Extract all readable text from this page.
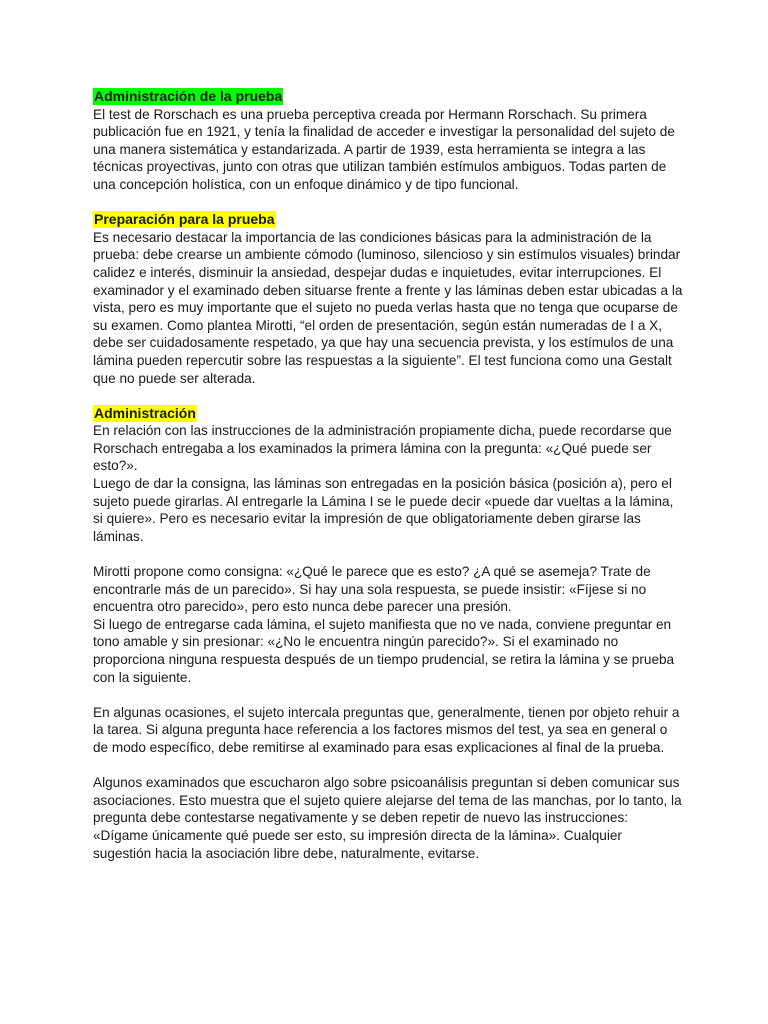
Administración de la prueba

El test de Rorschach es una prueba perceptiva creada por Hermann Rorschach. Su primera publicación fue en 1921, y tenía la finalidad de acceder e investigar la personalidad del sujeto de una manera sistemática y estandarizada. A partir de 1939, esta herramienta se integra a las técnicas proyectivas, junto con otras que utilizan también estímulos ambiguos. Todas parten de una concepción holística, con un enfoque dinámico y de tipo funcional.

Preparación para la prueba

Es necesario destacar la importancia de las condiciones básicas para la administración de la prueba: debe crearse un ambiente cómodo (luminoso, silencioso y sin estímulos visuales) brindar calidez e interés, disminuir la ansiedad, despejar dudas e inquietudes, evitar interrupciones. El examinador y el examinado deben situarse frente a frente y las láminas deben estar ubicadas a la vista, pero es muy importante que el sujeto no pueda verlas hasta que no tenga que ocuparse de su examen. Como plantea Mirotti, “el orden de presentación, según están numeradas de I a X, debe ser cuidadosamente respetado, ya que hay una secuencia prevista, y los estímulos de una lámina pueden repercutir sobre las respuestas a la siguiente”. El test funciona como una Gestalt que no puede ser alterada.

Administración

En relación con las instrucciones de la administración propiamente dicha, puede recordarse que Rorschach entregaba a los examinados la primera lámina con la pregunta: «¿Qué puede ser esto?».

Luego de dar la consigna, las láminas son entregadas en la posición básica (posición a), pero el sujeto puede girarlas. Al entregarle la Lámina I se le puede decir «puede dar vueltas a la lámina, si quiere». Pero es necesario evitar la impresión de que obligatoriamente deben girarse las láminas.

Mirotti propone como consigna: «¿Qué le parece que es esto? ¿A qué se asemeja? Trate de encontrarle más de un parecido». Si hay una sola respuesta, se puede insistir: «Fíjese si no encuentra otro parecido», pero esto nunca debe parecer una presión.

Si luego de entregarse cada lámina, el sujeto manifiesta que no ve nada, conviene preguntar en tono amable y sin presionar: «¿No le encuentra ningún parecido?». Si el examinado no proporciona ninguna respuesta después de un tiempo prudencial, se retira la lámina y se prueba con la siguiente.

En algunas ocasiones, el sujeto intercala preguntas que, generalmente, tienen por objeto rehuir a la tarea. Si alguna pregunta hace referencia a los factores mismos del test, ya sea en general o de modo específico, debe remitirse al examinado para esas explicaciones al final de la prueba.

Algunos examinados que escucharon algo sobre psicoanálisis preguntan si deben comunicar sus asociaciones. Esto muestra que el sujeto quiere alejarse del tema de las manchas, por lo tanto, la pregunta debe contestarse negativamente y se deben repetir de nuevo las instrucciones: «Dígame únicamente qué puede ser esto, su impresión directa de la lámina». Cualquier sugestión hacia la asociación libre debe, naturalmente, evitarse.
